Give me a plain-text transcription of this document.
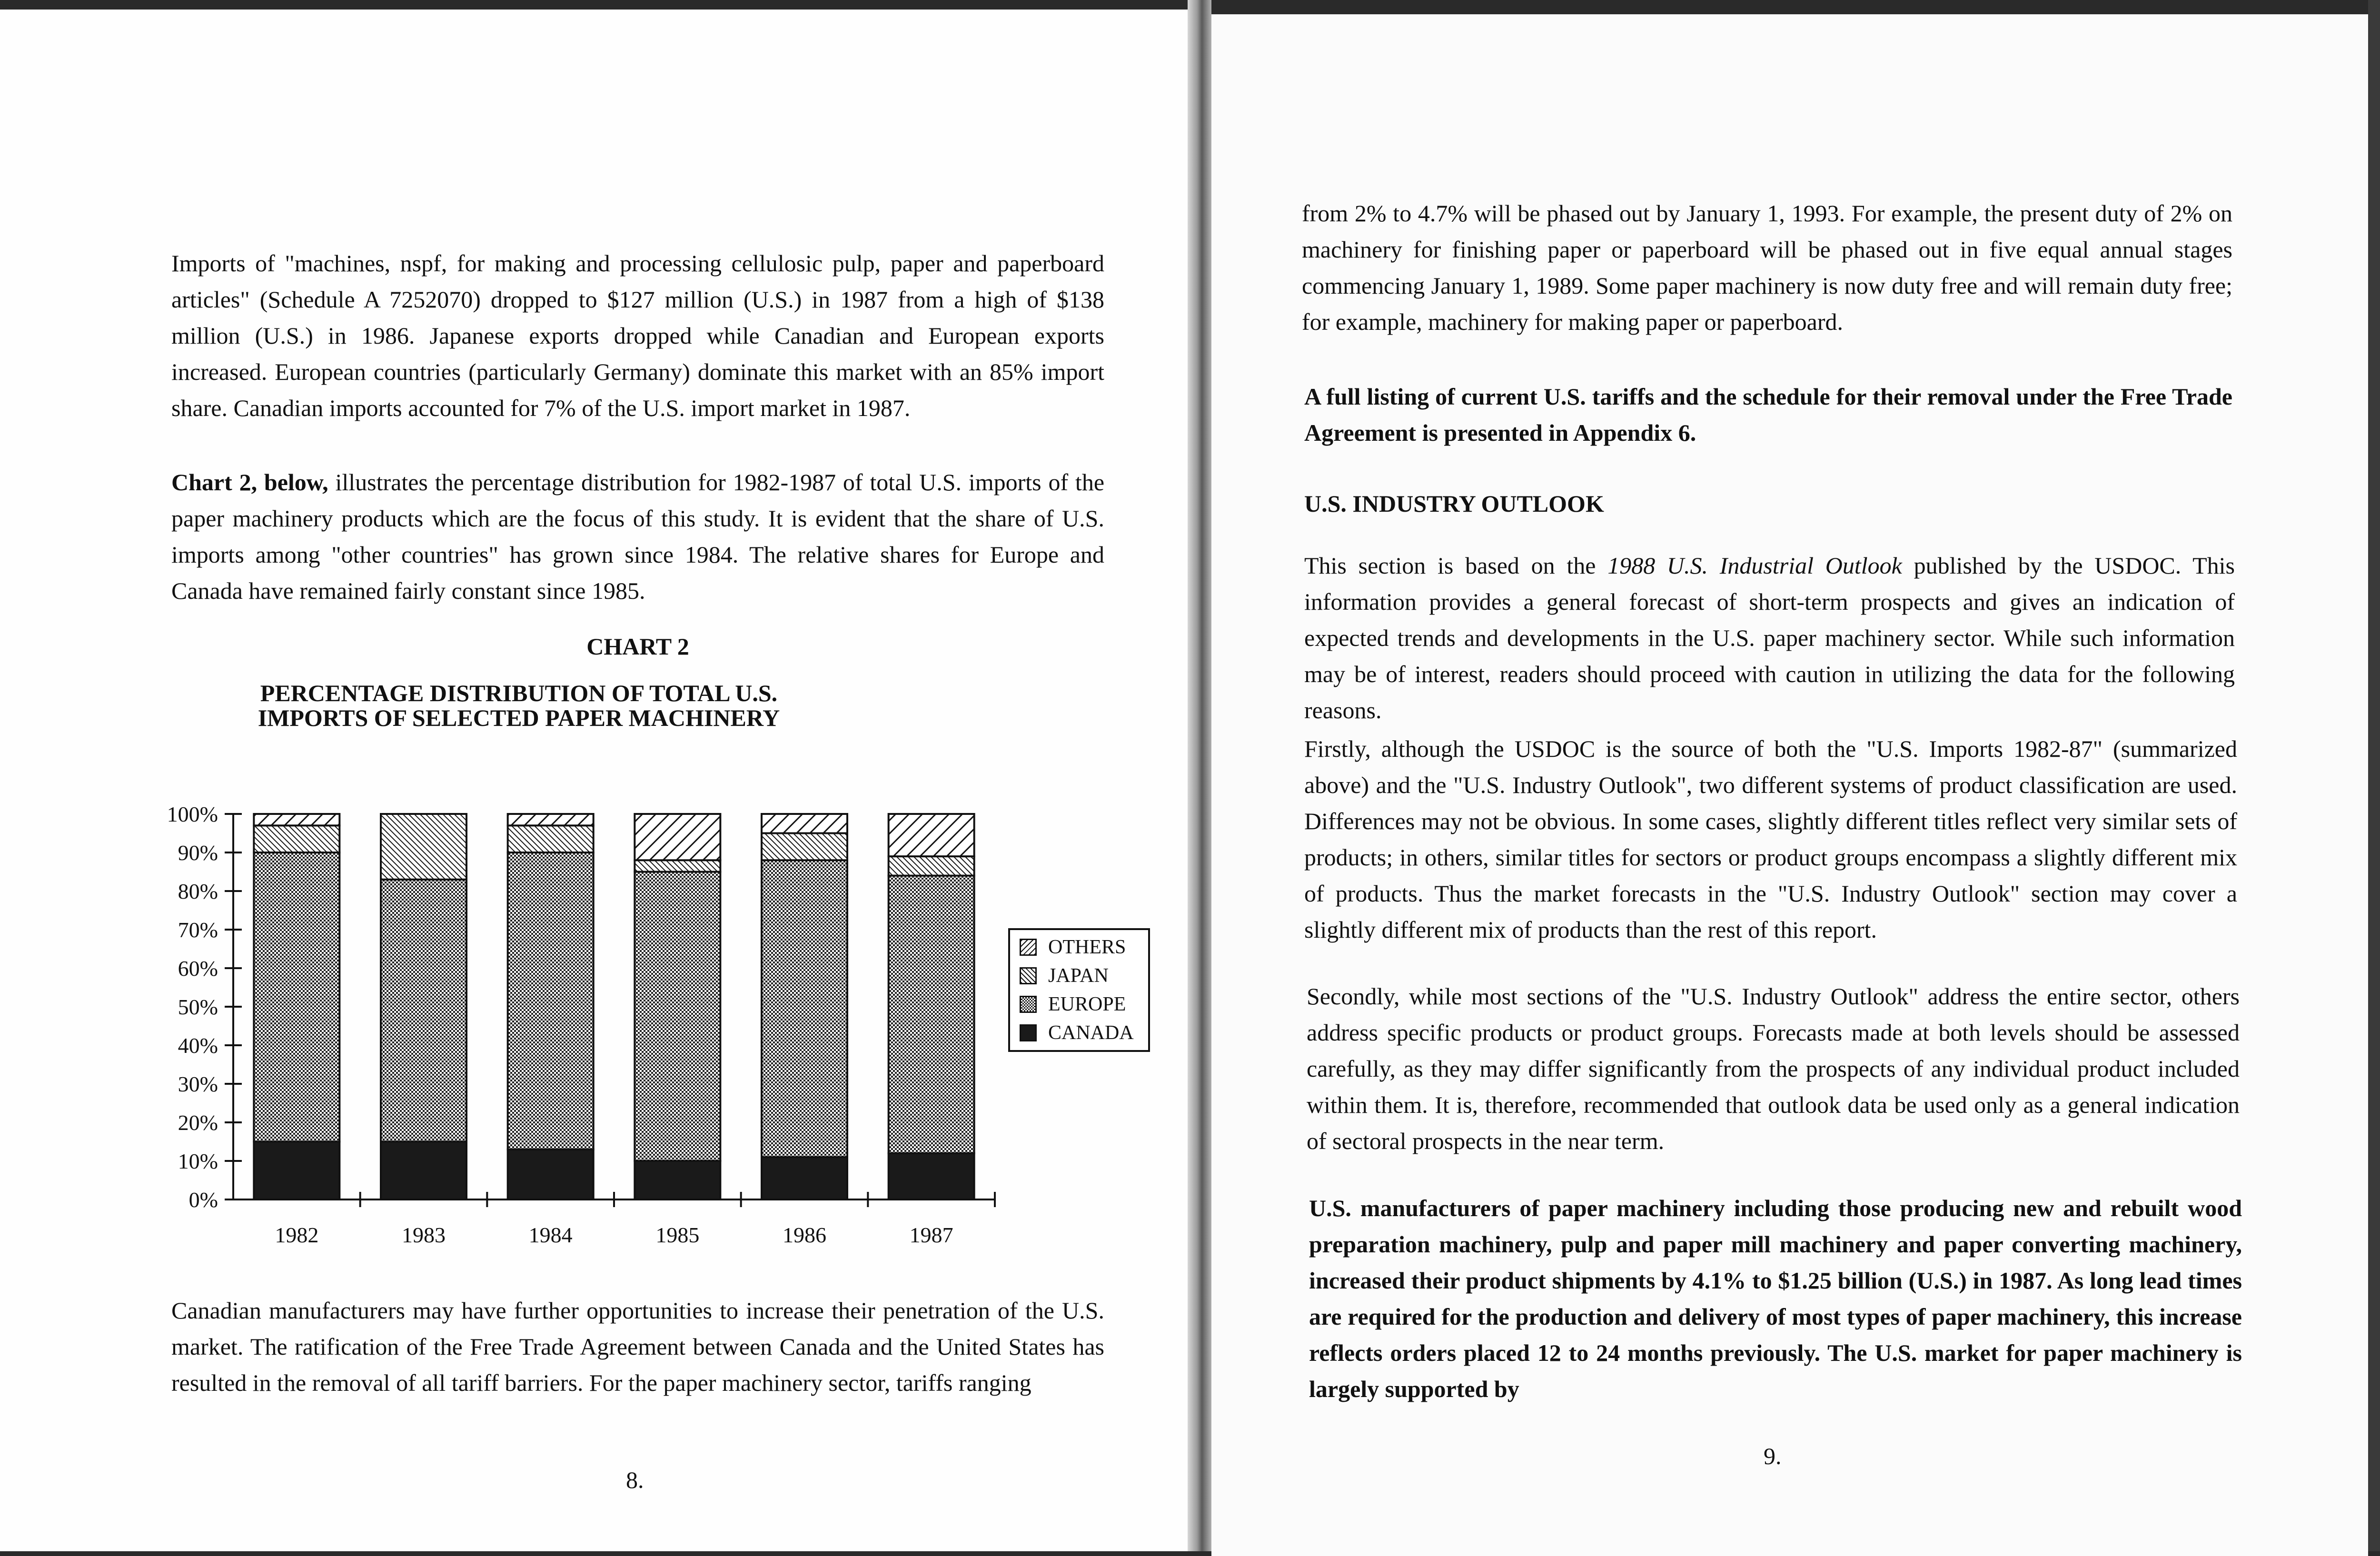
Imports of "machines, nspf, for making and processing cellulosic pulp, paper and paperboard articles" (Schedule A 7252070) dropped to $127 million (U.S.) in 1987 from a high of $138 million (U.S.) in 1986. Japanese exports dropped while Canadian and European exports increased. European countries (particularly Germany) dominate this market with an 85% import share. Canadian imports accounted for 7% of the U.S. import market in 1987.

Chart 2, below, illustrates the percentage distribution for 1982-1987 of total U.S. imports of the paper machinery products which are the focus of this study. It is evident that the share of U.S. imports among "other countries" has grown since 1984. The relative shares for Europe and Canada have remained fairly constant since 1985.

CHART 2
PERCENTAGE DISTRIBUTION OF TOTAL U.S. IMPORTS OF SELECTED PAPER MACHINERY
0%
10%
20%
30%
40%
50%
60%
70%
80%
90%
100%
1982	1983	1984	1985	1986	1987
OTHERS
JAPAN
EUROPE
CANADA

Canadian manufacturers may have further opportunities to increase their penetration of the U.S. market. The ratification of the Free Trade Agreement between Canada and the United States has resulted in the removal of all tariff barriers. For the paper machinery sector, tariffs ranging

8.

from 2% to 4.7% will be phased out by January 1, 1993. For example, the present duty of 2% on machinery for finishing paper or paperboard will be phased out in five equal annual stages commencing January 1, 1989. Some paper machinery is now duty free and will remain duty free; for example, machinery for making paper or paperboard.

A full listing of current U.S. tariffs and the schedule for their removal under the Free Trade Agreement is presented in Appendix 6.

U.S. INDUSTRY OUTLOOK

This section is based on the 1988 U.S. Industrial Outlook published by the USDOC. This information provides a general forecast of short-term prospects and gives an indication of expected trends and developments in the U.S. paper machinery sector. While such information may be of interest, readers should proceed with caution in utilizing the data for the following reasons.

Firstly, although the USDOC is the source of both the "U.S. Imports 1982-87" (summarized above) and the "U.S. Industry Outlook", two different systems of product classification are used. Differences may not be obvious. In some cases, slightly different titles reflect very similar sets of products; in others, similar titles for sectors or product groups encompass a slightly different mix of products. Thus the market forecasts in the "U.S. Industry Outlook" section may cover a slightly different mix of products than the rest of this report.

Secondly, while most sections of the "U.S. Industry Outlook" address the entire sector, others address specific products or product groups. Forecasts made at both levels should be assessed carefully, as they may differ significantly from the prospects of any individual product included within them. It is, therefore, recommended that outlook data be used only as a general indication of sectoral prospects in the near term.

U.S. manufacturers of paper machinery including those producing new and rebuilt wood preparation machinery, pulp and paper mill machinery and paper converting machinery, increased their product shipments by 4.1% to $1.25 billion (U.S.) in 1987. As long lead times are required for the production and delivery of most types of paper machinery, this increase reflects orders placed 12 to 24 months previously. The U.S. market for paper machinery is largely supported by

9.
